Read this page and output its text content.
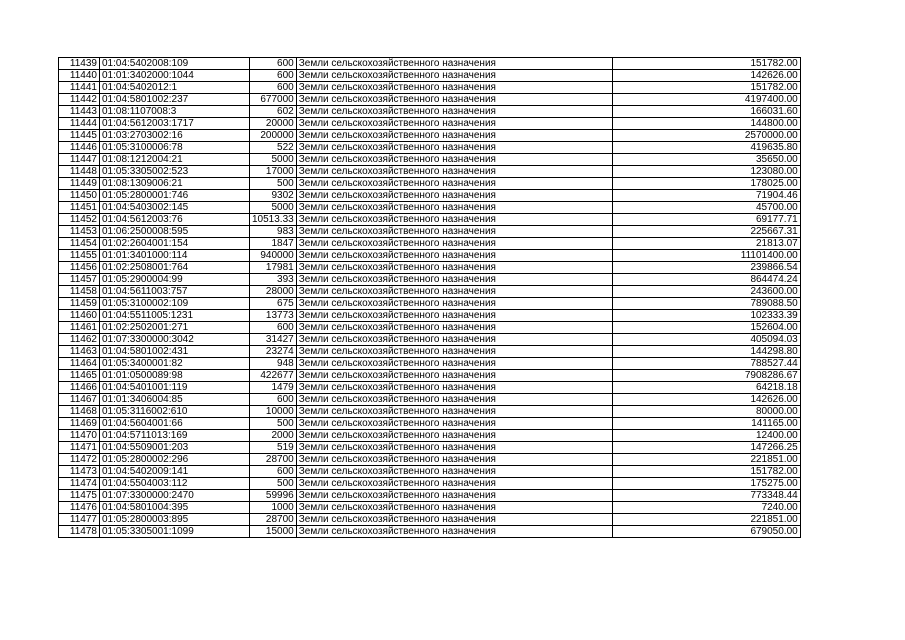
11439	01:04:5402008:109	600	Земли сельскохозяйственного назначения	151782.00
11440	01:01:3402000:1044	600	Земли сельскохозяйственного назначения	142626.00
11441	01:04:5402012:1	600	Земли сельскохозяйственного назначения	151782.00
11442	01:04:5801002:237	677000	Земли сельскохозяйственного назначения	4197400.00
11443	01:08:1107008:3	602	Земли сельскохозяйственного назначения	166031.60
11444	01:04:5612003:1717	20000	Земли сельскохозяйственного назначения	144800.00
11445	01:03:2703002:16	200000	Земли сельскохозяйственного назначения	2570000.00
11446	01:05:3100006:78	522	Земли сельскохозяйственного назначения	419635.80
11447	01:08:1212004:21	5000	Земли сельскохозяйственного назначения	35650.00
11448	01:05:3305002:523	17000	Земли сельскохозяйственного назначения	123080.00
11449	01:08:1309006:21	500	Земли сельскохозяйственного назначения	178025.00
11450	01:05:2800001:746	9302	Земли сельскохозяйственного назначения	71904.46
11451	01:04:5403002:145	5000	Земли сельскохозяйственного назначения	45700.00
11452	01:04:5612003:76	10513.33	Земли сельскохозяйственного назначения	69177.71
11453	01:06:2500008:595	983	Земли сельскохозяйственного назначения	225667.31
11454	01:02:2604001:154	1847	Земли сельскохозяйственного назначения	21813.07
11455	01:01:3401000:114	940000	Земли сельскохозяйственного назначения	11101400.00
11456	01:02:2508001:764	17981	Земли сельскохозяйственного назначения	239866.54
11457	01:05:2900004:99	393	Земли сельскохозяйственного назначения	864474.24
11458	01:04:5611003:757	28000	Земли сельскохозяйственного назначения	243600.00
11459	01:05:3100002:109	675	Земли сельскохозяйственного назначения	789088.50
11460	01:04:5511005:1231	13773	Земли сельскохозяйственного назначения	102333.39
11461	01:02:2502001:271	600	Земли сельскохозяйственного назначения	152604.00
11462	01:07:3300000:3042	31427	Земли сельскохозяйственного назначения	405094.03
11463	01:04:5801002:431	23274	Земли сельскохозяйственного назначения	144298.80
11464	01:05:3400001:82	948	Земли сельскохозяйственного назначения	788527.44
11465	01:01:0500089:98	422677	Земли сельскохозяйственного назначения	7908286.67
11466	01:04:5401001:119	1479	Земли сельскохозяйственного назначения	64218.18
11467	01:01:3406004:85	600	Земли сельскохозяйственного назначения	142626.00
11468	01:05:3116002:610	10000	Земли сельскохозяйственного назначения	80000.00
11469	01:04:5604001:66	500	Земли сельскохозяйственного назначения	141165.00
11470	01:04:5711013:169	2000	Земли сельскохозяйственного назначения	12400.00
11471	01:04:5509001:203	519	Земли сельскохозяйственного назначения	147266.25
11472	01:05:2800002:296	28700	Земли сельскохозяйственного назначения	221851.00
11473	01:04:5402009:141	600	Земли сельскохозяйственного назначения	151782.00
11474	01:04:5504003:112	500	Земли сельскохозяйственного назначения	175275.00
11475	01:07:3300000:2470	59996	Земли сельскохозяйственного назначения	773348.44
11476	01:04:5801004:395	1000	Земли сельскохозяйственного назначения	7240.00
11477	01:05:2800003:895	28700	Земли сельскохозяйственного назначения	221851.00
11478	01:05:3305001:1099	15000	Земли сельскохозяйственного назначения	679050.00
